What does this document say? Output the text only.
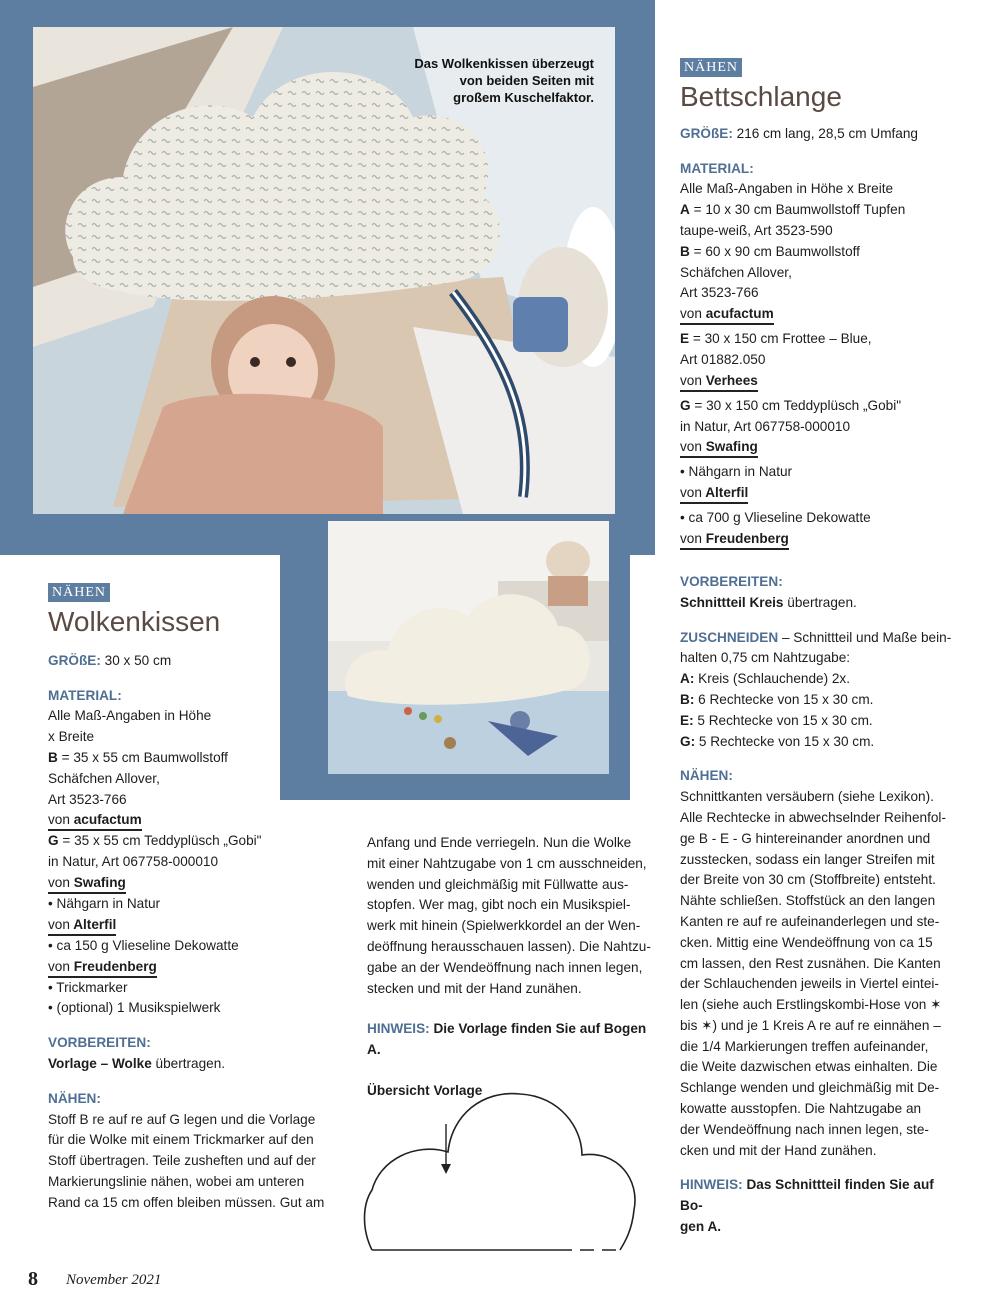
Das Wolkenkissen überzeugt
von beiden Seiten mit
großem Kuschelfaktor.
NÄHEN
Wolkenkissen

GRÖßE: 30 x 50 cm

MATERIAL:

Alle Maß-Angaben in Höhe

x Breite

B = 35 x 55 cm Baumwollstoff

Schäfchen Allover,

Art 3523-766

von acufactum

G = 35 x 55 cm Teddyplüsch „Gobi"

in Natur, Art 067758-000010

von Swafing

• Nähgarn in Natur

von Alterfil

• ca 150 g Vlieseline Dekowatte

von Freudenberg

• Trickmarker

• (optional) 1 Musikspielwerk

VORBEREITEN:

Vorlage – Wolke übertragen.

NÄHEN:

Stoff B re auf re auf G legen und die Vorlage

für die Wolke mit einem Trickmarker auf den

Stoff übertragen. Teile zusheften und auf der

Markierungslinie nähen, wobei am unteren

Rand ca 15 cm offen bleiben müssen. Gut am

Anfang und Ende verriegeln. Nun die Wolke

mit einer Nahtzugabe von 1 cm ausschneiden,

wenden und gleichmäßig mit Füllwatte aus-

stopfen. Wer mag, gibt noch ein Musikspiel-

werk mit hinein (Spielwerkkordel an der Wen-

deöffnung herausschauen lassen). Die Nahtzu-

gabe an der Wendeöffnung nach innen legen,

stecken und mit der Hand zunähen.

HINWEIS: Die Vorlage finden Sie auf Bogen A.

Übersicht Vorlage

NÄHEN
Bettschlange

GRÖßE: 216 cm lang, 28,5 cm Umfang

MATERIAL:

Alle Maß-Angaben in Höhe x Breite

A = 10 x 30 cm Baumwollstoff Tupfen

taupe-weiß, Art 3523-590

B = 60 x 90 cm Baumwollstoff

Schäfchen Allover,

Art 3523-766

von acufactum

E = 30 x 150 cm Frottee – Blue,

Art 01882.050

von Verhees

G = 30 x 150 cm Teddyplüsch „Gobi"

in Natur, Art 067758-000010

von Swafing

• Nähgarn in Natur

von Alterfil

• ca 700 g Vlieseline Dekowatte

von Freudenberg

VORBEREITEN:

Schnittteil Kreis übertragen.

ZUSCHNEIDEN – Schnittteil und Maße bein-

halten 0,75 cm Nahtzugabe:

A: Kreis (Schlauchende) 2x.

B: 6 Rechtecke von 15 x 30 cm.

E: 5 Rechtecke von 15 x 30 cm.

G: 5 Rechtecke von 15 x 30 cm.

NÄHEN:

Schnittkanten versäubern (siehe Lexikon).

Alle Rechtecke in abwechselnder Reihenfol-

ge B - E - G hintereinander anordnen und

zusstecken, sodass ein langer Streifen mit

der Breite von 30 cm (Stoffbreite) entsteht.

Nähte schließen. Stoffstück an den langen

Kanten re auf re aufeinanderlegen und ste-

cken. Mittig eine Wendeöffnung von ca 15

cm lassen, den Rest zusnähen. Die Kanten

der Schlauchenden jeweils in Viertel eintei-

len (siehe auch Erstlingskombi-Hose von ✶

bis ✶) und je 1 Kreis A re auf re einnähen –

die 1/4 Markierungen treffen aufeinander,

die Weite dazwischen etwas einhalten. Die

Schlange wenden und gleichmäßig mit De-

kowatte ausstopfen. Die Nahtzugabe an

der Wendeöffnung nach innen legen, ste-

cken und mit der Hand zunähen.

HINWEIS: Das Schnittteil finden Sie auf Bo-

gen A.

8 November 2021
